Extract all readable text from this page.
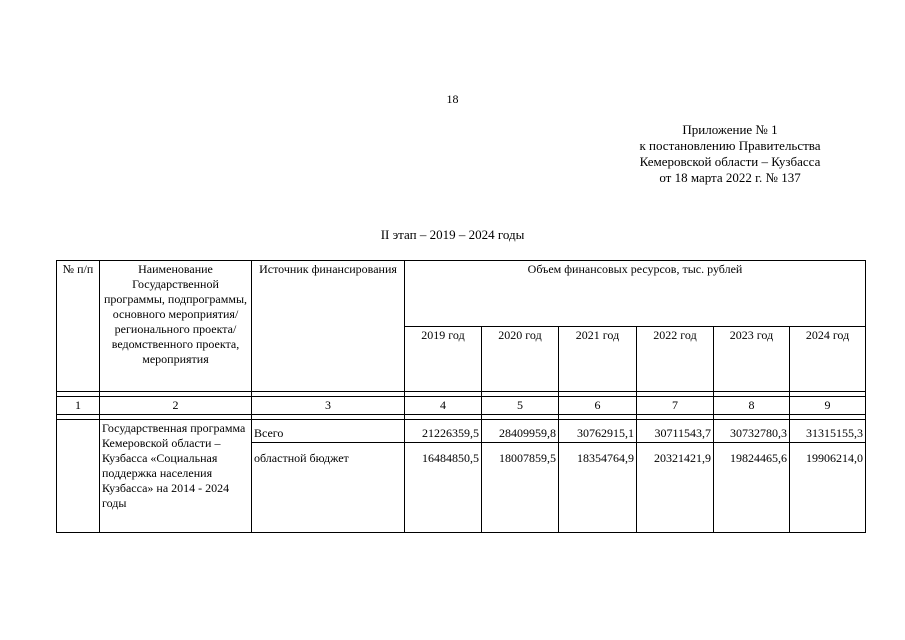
18
Приложение № 1
к постановлению Правительства
Кемеровской области – Кузбасса
от 18 марта 2022 г. № 137
II этап – 2019 – 2024 годы
№ п/п	Наименование Государственной программы, подпрограммы, основного мероприятия/регионального проекта/ ведомственного проекта, мероприятия	Источник финансирования	Объем финансовых ресурсов, тыс. рублей					
			2019 год	2020 год	2021 год	2022 год	2023 год	2024 год

1	2	3	4	5	6	7	8	9

	Государственная программа Кемеровской области – Кузбасса «Социальная поддержка населения Кузбасса» на 2014 - 2024 годы	Всего	21226359,5	28409959,8	30762915,1	30711543,7	30732780,3	31315155,3
		областной бюджет	16484850,5	18007859,5	18354764,9	20321421,9	19824465,6	19906214,0
